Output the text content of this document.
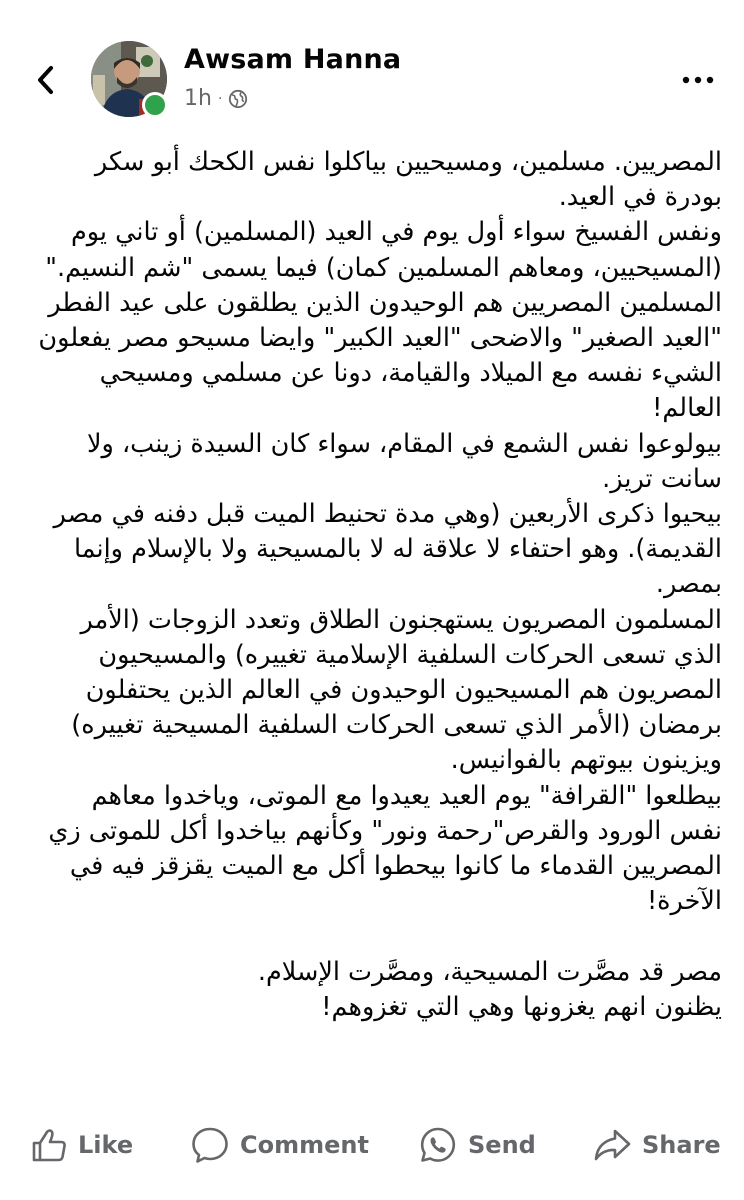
Awsam Hanna
1h ·
المصريين. مسلمين، ومسيحيين بياكلوا نفس الكحك أبو سكر بودرة في العيد.
ونفس الفسيخ سواء أول يوم في العيد (المسلمين) أو تاني يوم (المسيحيين، ومعاهم المسلمين كمان) فيما يسمى "شم النسيم."
المسلمين المصريين هم الوحيدون الذين يطلقون على عيد الفطر "العيد الصغير" والاضحى "العيد الكبير" وايضا مسيحو مصر يفعلون الشيء نفسه مع الميلاد والقيامة، دونا عن مسلمي ومسيحي العالم!
بيولوعوا نفس الشمع في المقام، سواء كان السيدة زينب، ولا سانت تريز.
بيحيوا ذكرى الأربعين (وهي مدة تحنيط الميت قبل دفنه في مصر القديمة). وهو احتفاء لا علاقة له لا بالمسيحية ولا بالإسلام وإنما بمصر.
المسلمون المصريون يستهجنون الطلاق وتعدد الزوجات (الأمر الذي تسعى الحركات السلفية الإسلامية تغييره) والمسيحيون المصريون هم المسيحيون الوحيدون في العالم الذين يحتفلون برمضان (الأمر الذي تسعى الحركات السلفية المسيحية تغييره) ويزينون بيوتهم بالفوانيس.
بيطلعوا "القرافة" يوم العيد يعيدوا مع الموتى، وياخدوا معاهم نفس الورود والقرص"رحمة ونور" وكأنهم بياخدوا أكل للموتى زي المصريين القدماء ما كانوا بيحطوا أكل مع الميت يقزقز فيه في الآخرة!

مصر قد مصَّرت المسيحية، ومصَّرت الإسلام.
يظنون انهم يغزونها وهي التي تغزوهم!
Like	Comment	Send	Share
